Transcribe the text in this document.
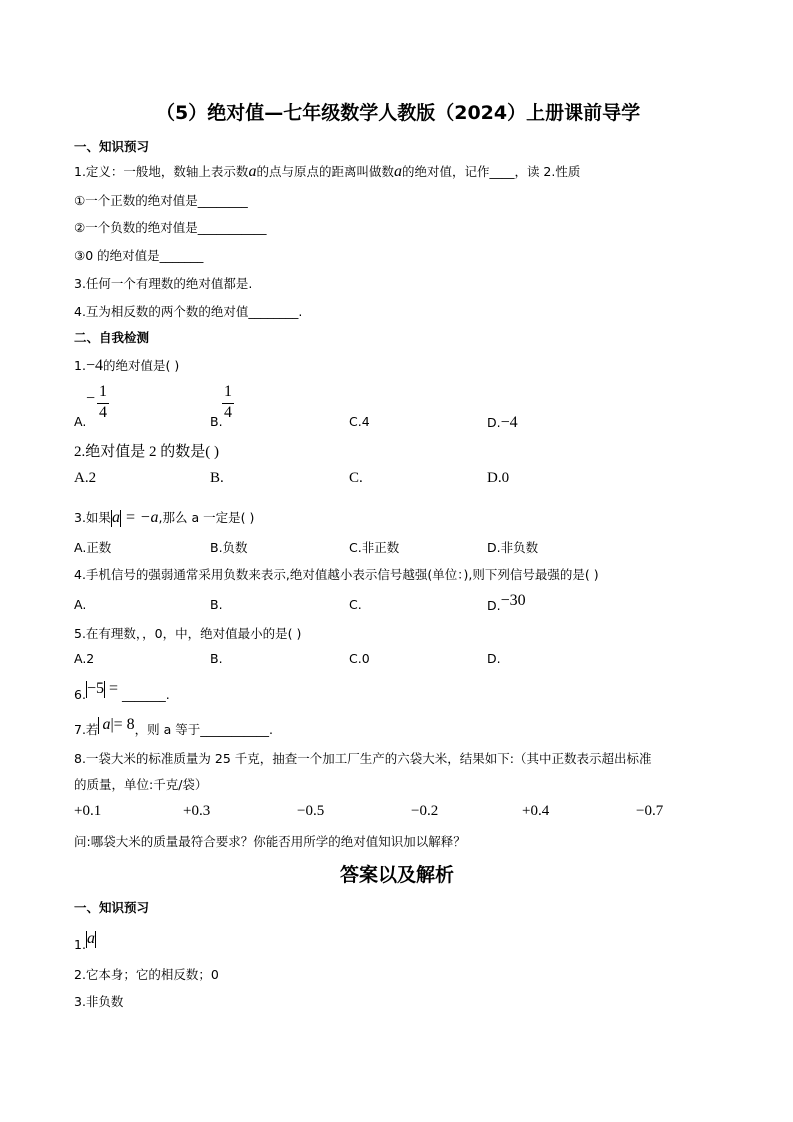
（5）绝对值—七年级数学人教版（2024）上册课前导学
一、知识预习
1.定义：一般地，数轴上表示数a的点与原点的距离叫做数a的绝对值，记作____，读 2.性质
①一个正数的绝对值是________
②一个负数的绝对值是___________
③0 的绝对值是_______
3.任何一个有理数的绝对值都是.
4.互为相反数的两个数的绝对值________.
二、自我检测
1.−4的绝对值是( )
A.
− 1
4
B.
1
4
C.4	D.−4
2.绝对值是 2 的数是( )
A.2	B.	C.	D.0
3.如果a = −a,那么 a 一定是( )
A.正数	B.负数	C.非正数	D.非负数
4.手机信号的强弱通常采用负数来表示,绝对值越小表示信号越强(单位：),则下列信号最强的是( )
A.	B.	C.	D.−30
5.在有理数，，0，中，绝对值最小的是( )
A.2	B.	C.0	D.
6.−5 = _______.
7.若 a|= 8，则 a 等于___________.
8.一袋大米的标准质量为 25 千克，抽查一个加工厂生产的六袋大米，结果如下:（其中正数表示超出标准
的质量，单位:千克/袋）
+0.1	+0.3	−0.5	−0.2	+0.4	−0.7
问:哪袋大米的质量最符合要求？你能否用所学的绝对值知识加以解释？
答案以及解析
一、知识预习
1.a
2.它本身；它的相反数；0
3.非负数
